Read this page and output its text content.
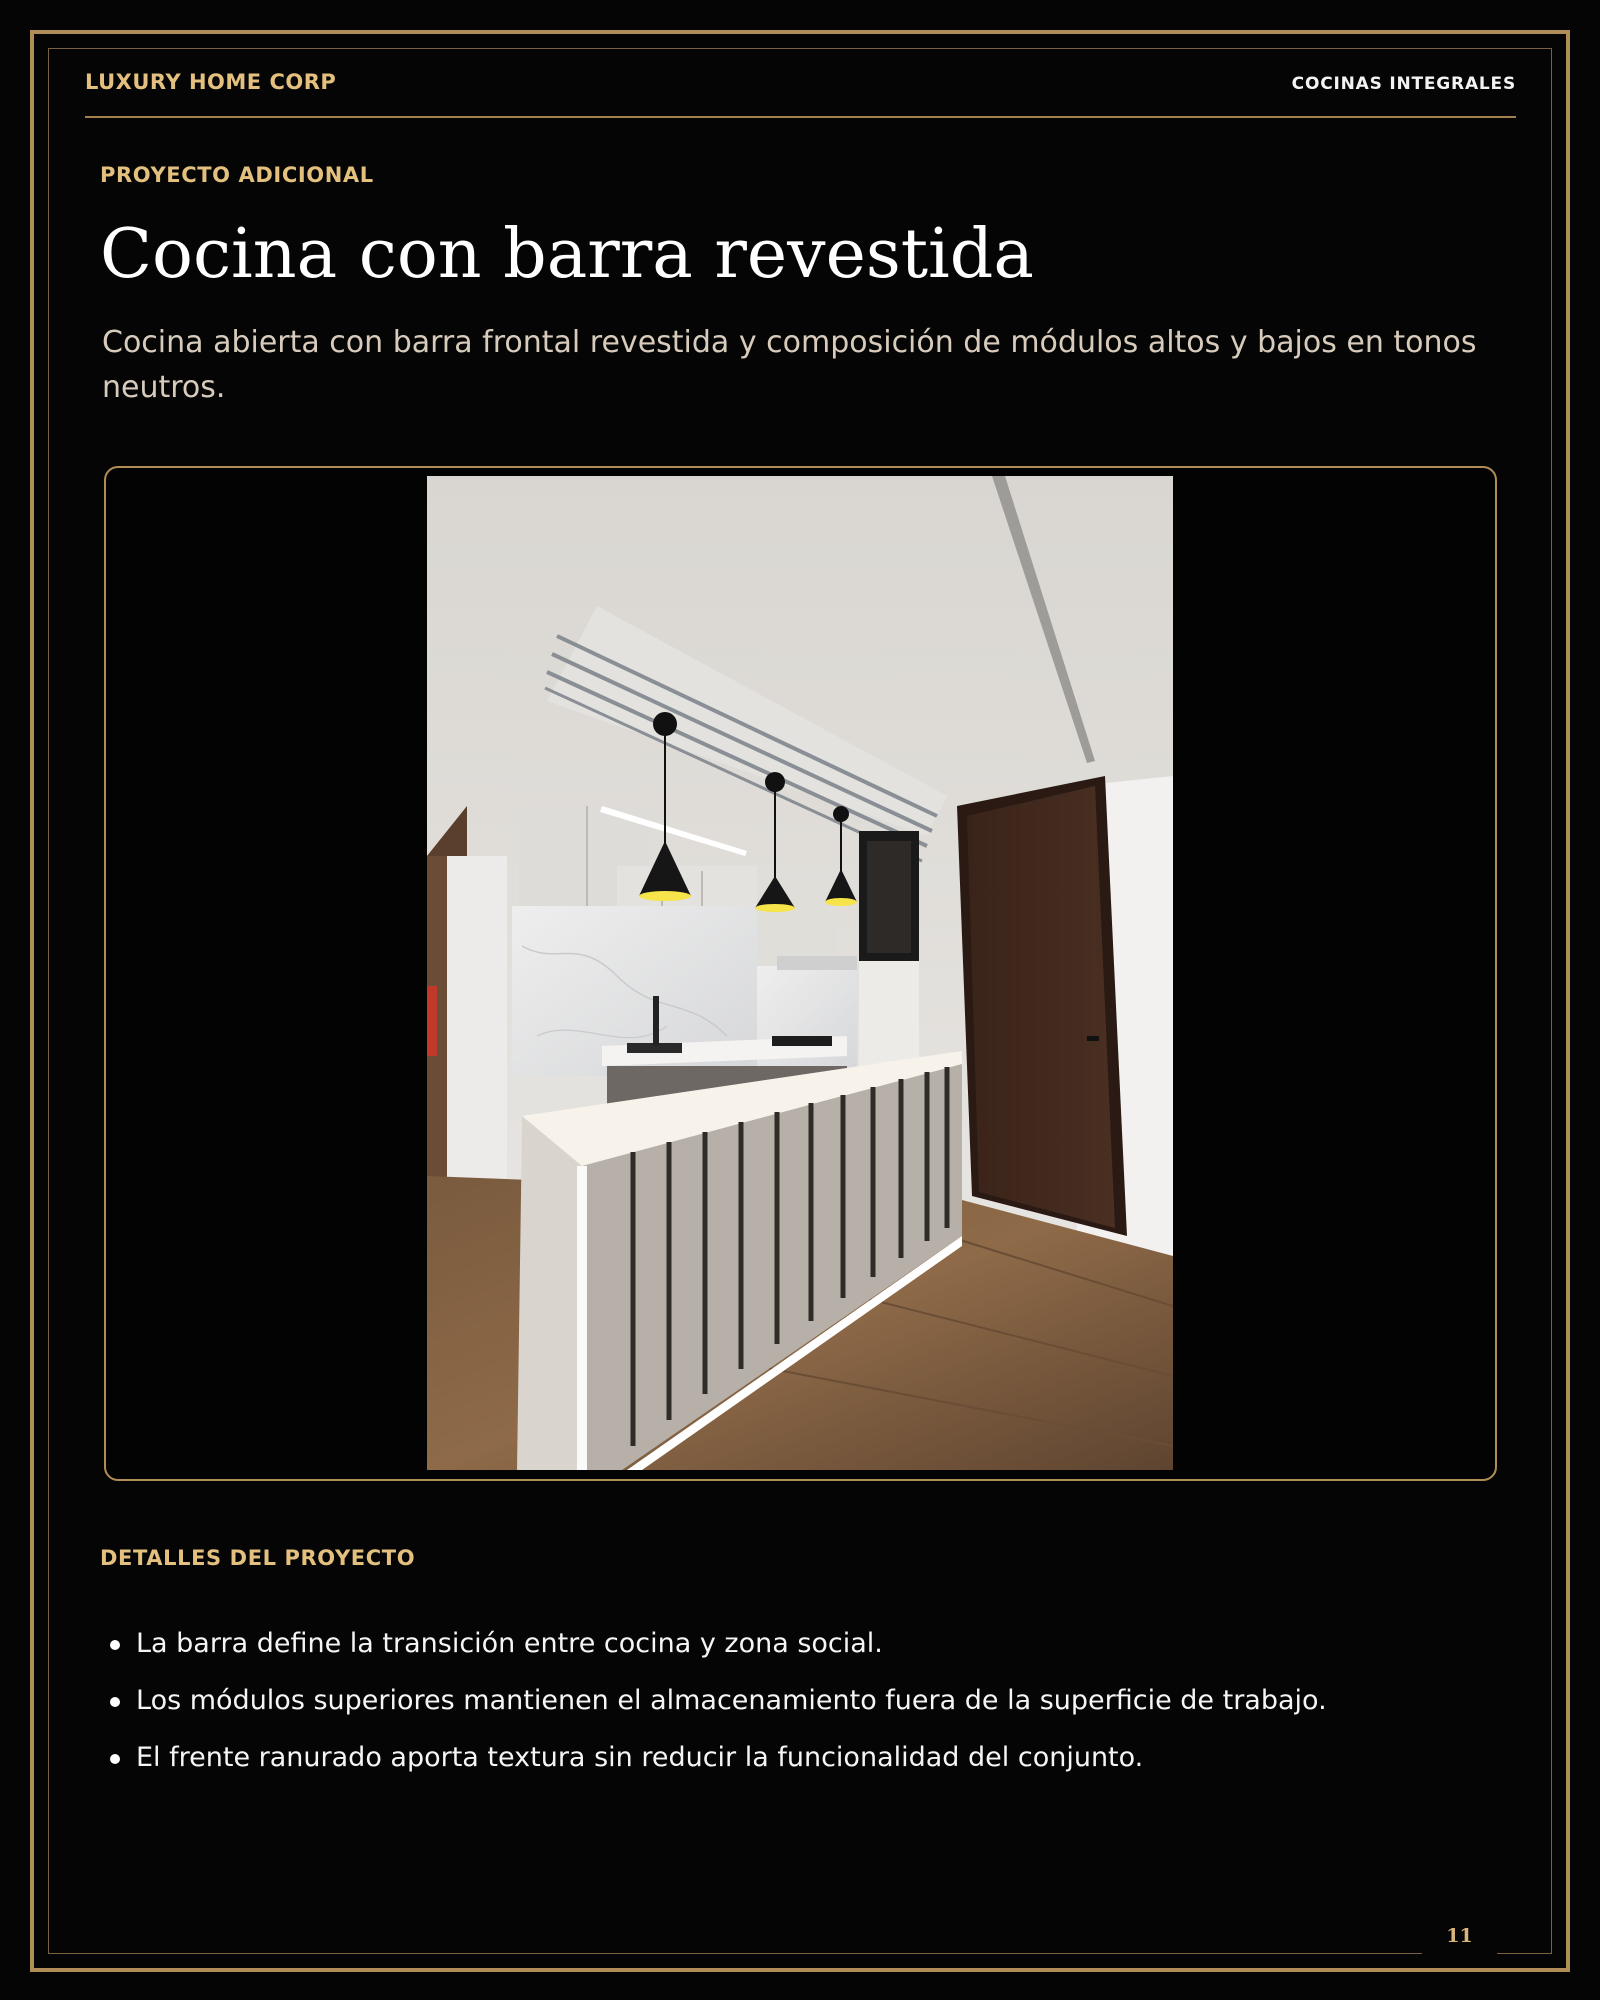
LUXURY HOME CORP	COCINAS INTEGRALES
PROYECTO ADICIONAL
Cocina con barra revestida

Cocina abierta con barra frontal revestida y composición de módulos altos y bajos en tonos neutros.

DETALLES DEL PROYECTO
La barra define la transición entre cocina y zona social.
Los módulos superiores mantienen el almacenamiento fuera de la superficie de trabajo.
El frente ranurado aporta textura sin reducir la funcionalidad del conjunto.
11
